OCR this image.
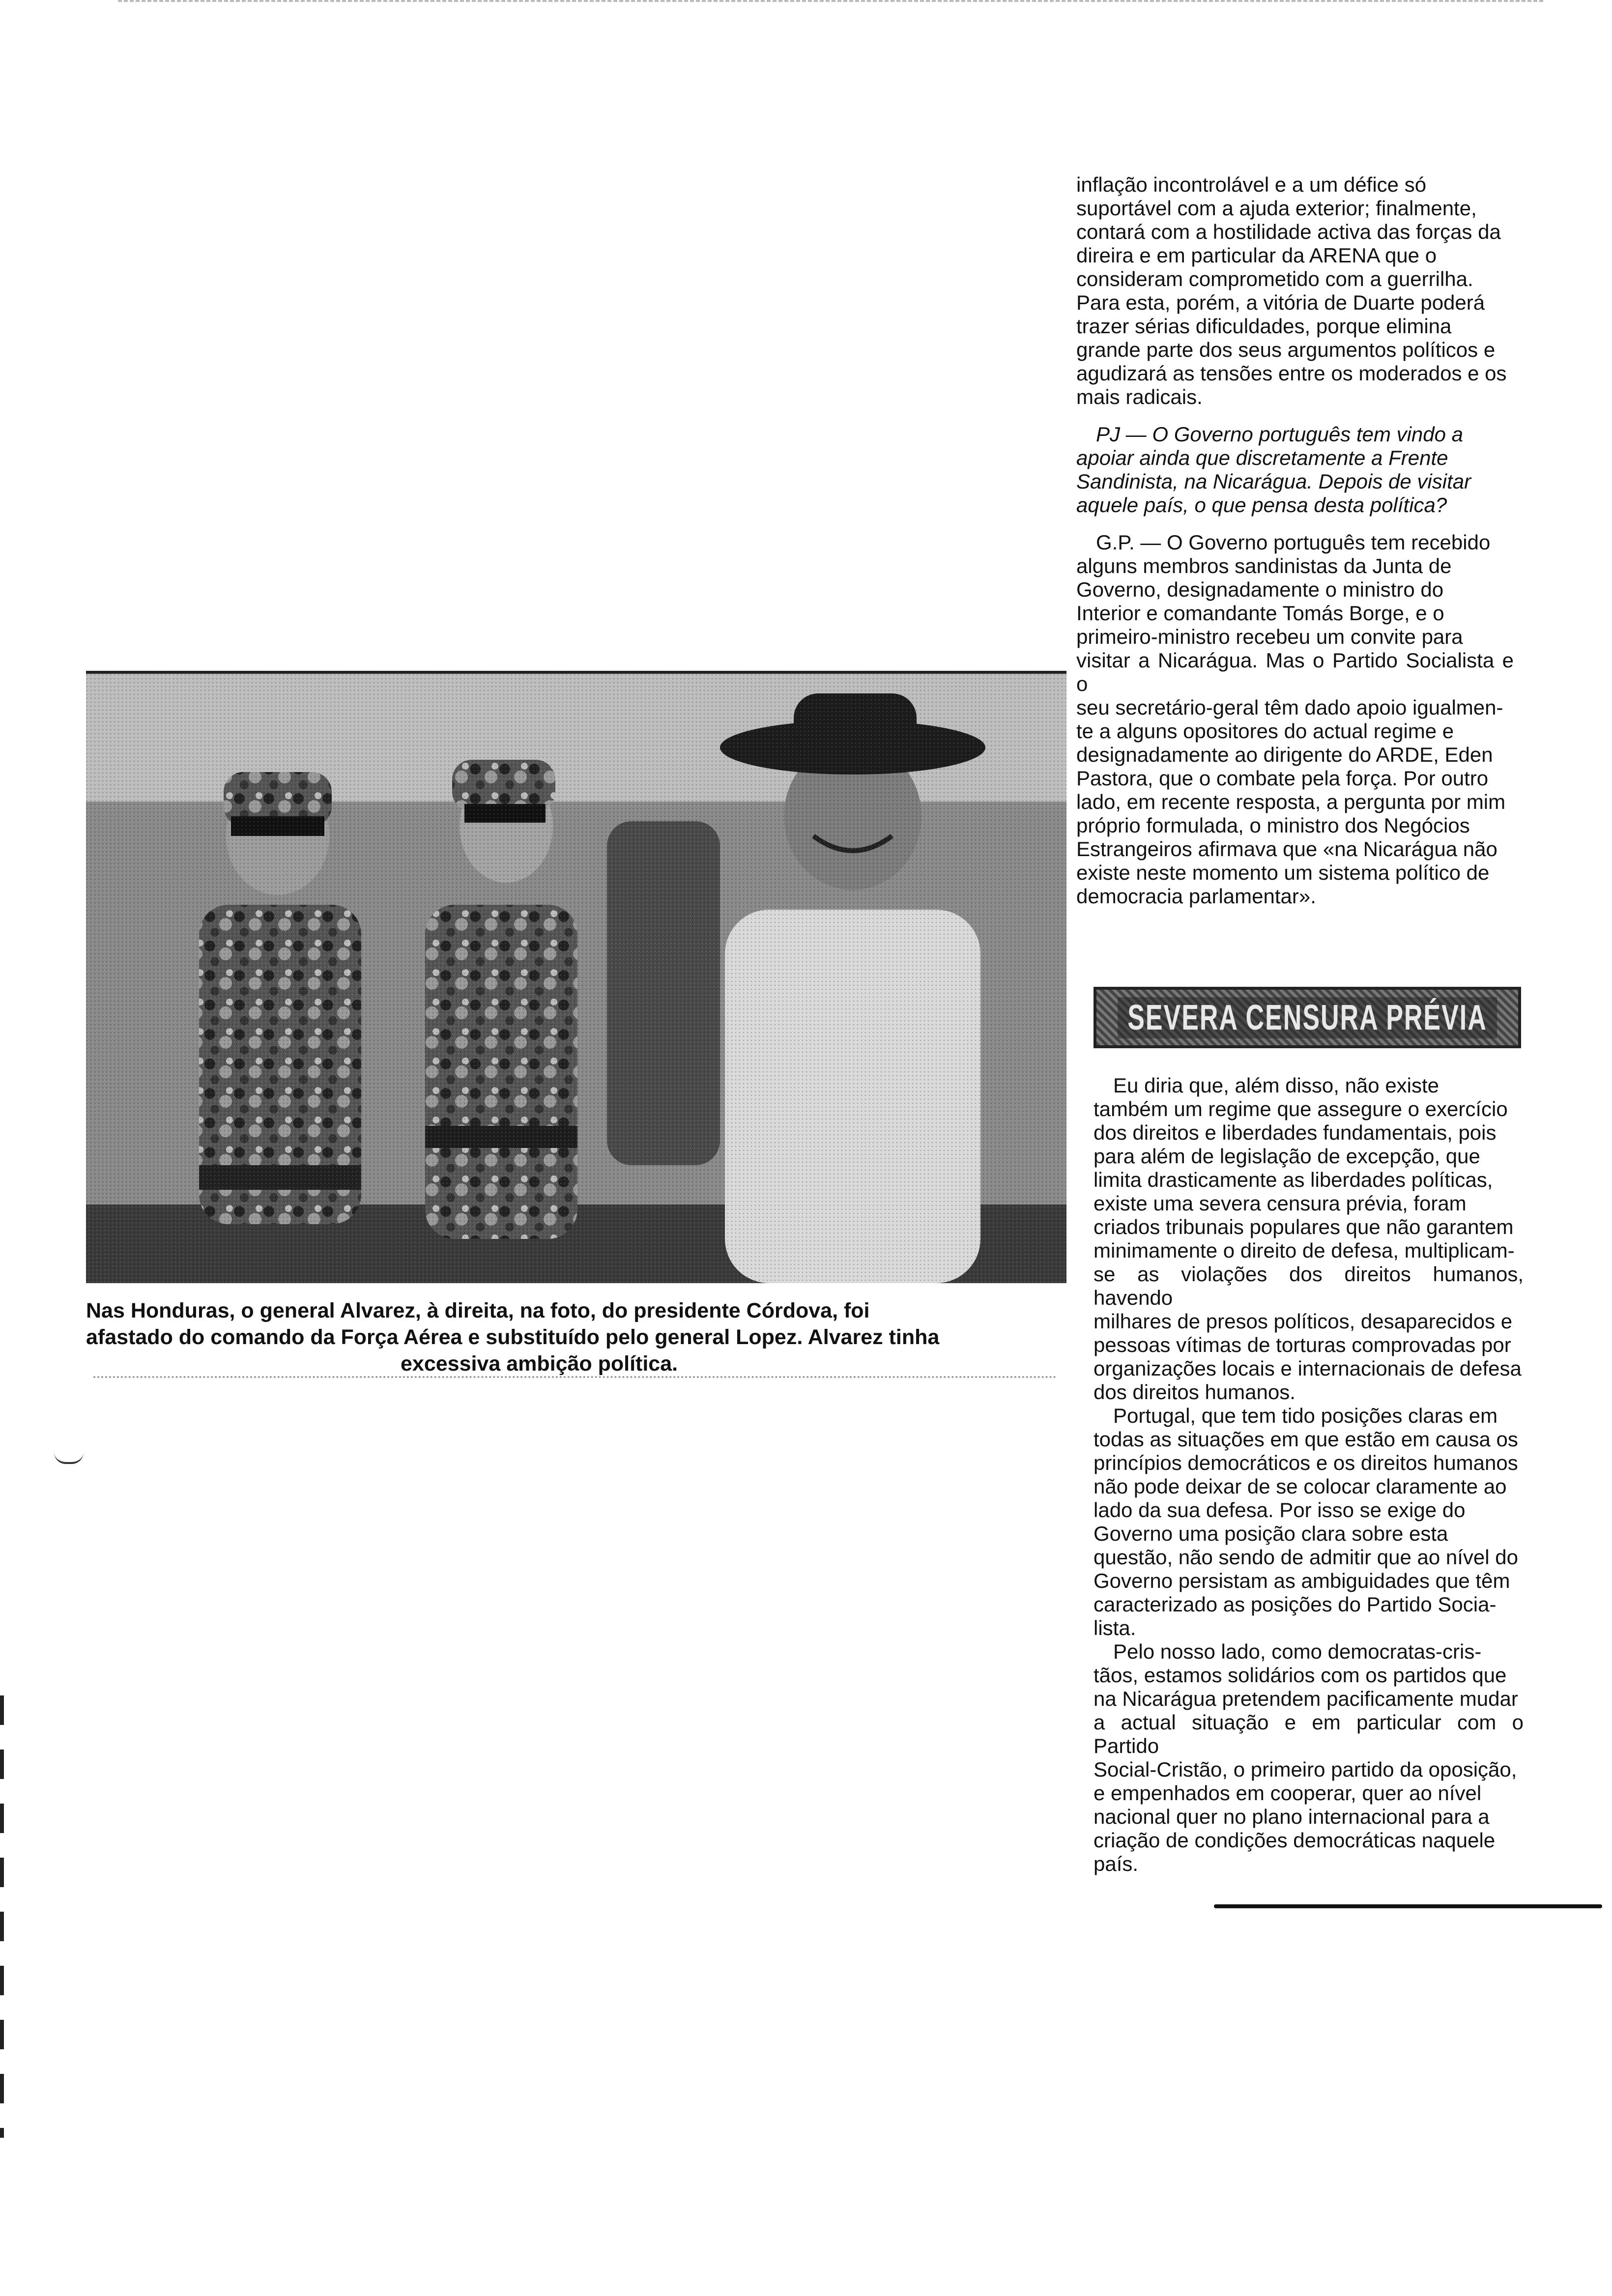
Nas Honduras, o general Alvarez, à direita, na foto, do presidente Córdova, foi
afastado do comando da Força Aérea e substituído pelo general Lopez. Alvarez tinha
excessiva ambição política.

inflação incontrolável e a um défice só

suportável com a ajuda exterior; finalmente,

contará com a hostilidade activa das forças da

direira e em particular da ARENA que o

consideram comprometido com a guerrilha.

Para esta, porém, a vitória de Duarte poderá

trazer sérias dificuldades, porque elimina

grande parte dos seus argumentos políticos e

agudizará as tensões entre os moderados e os

mais radicais.

PJ — O Governo português tem vindo a

apoiar ainda que discretamente a Frente

Sandinista, na Nicarágua. Depois de visitar

aquele país, o que pensa desta política?

G.P. — O Governo português tem recebido

alguns membros sandinistas da Junta de

Governo, designadamente o ministro do

Interior e comandante Tomás Borge, e o

primeiro-ministro recebeu um convite para

visitar a Nicarágua. Mas o Partido Socialista e o

seu secretário-geral têm dado apoio igualmen-

te a alguns opositores do actual regime e

designadamente ao dirigente do ARDE, Eden

Pastora, que o combate pela força. Por outro

lado, em recente resposta, a pergunta por mim

próprio formulada, o ministro dos Negócios

Estrangeiros afirmava que «na Nicarágua não

existe neste momento um sistema político de

democracia parlamentar».

SEVERA CENSURA PRÉVIA

Eu diria que, além disso, não existe

também um regime que assegure o exercício

dos direitos e liberdades fundamentais, pois

para além de legislação de excepção, que

limita drasticamente as liberdades políticas,

existe uma severa censura prévia, foram

criados tribunais populares que não garantem

minimamente o direito de defesa, multiplicam-

se as violações dos direitos humanos, havendo

milhares de presos políticos, desaparecidos e

pessoas vítimas de torturas comprovadas por

organizações locais e internacionais de defesa

dos direitos humanos.

Portugal, que tem tido posições claras em

todas as situações em que estão em causa os

princípios democráticos e os direitos humanos

não pode deixar de se colocar claramente ao

lado da sua defesa. Por isso se exige do

Governo uma posição clara sobre esta

questão, não sendo de admitir que ao nível do

Governo persistam as ambiguidades que têm

caracterizado as posições do Partido Socia-

lista.

Pelo nosso lado, como democratas-cris-

tãos, estamos solidários com os partidos que

na Nicarágua pretendem pacificamente mudar

a actual situação e em particular com o Partido

Social-Cristão, o primeiro partido da oposição,

e empenhados em cooperar, quer ao nível

nacional quer no plano internacional para a

criação de condições democráticas naquele

país.
